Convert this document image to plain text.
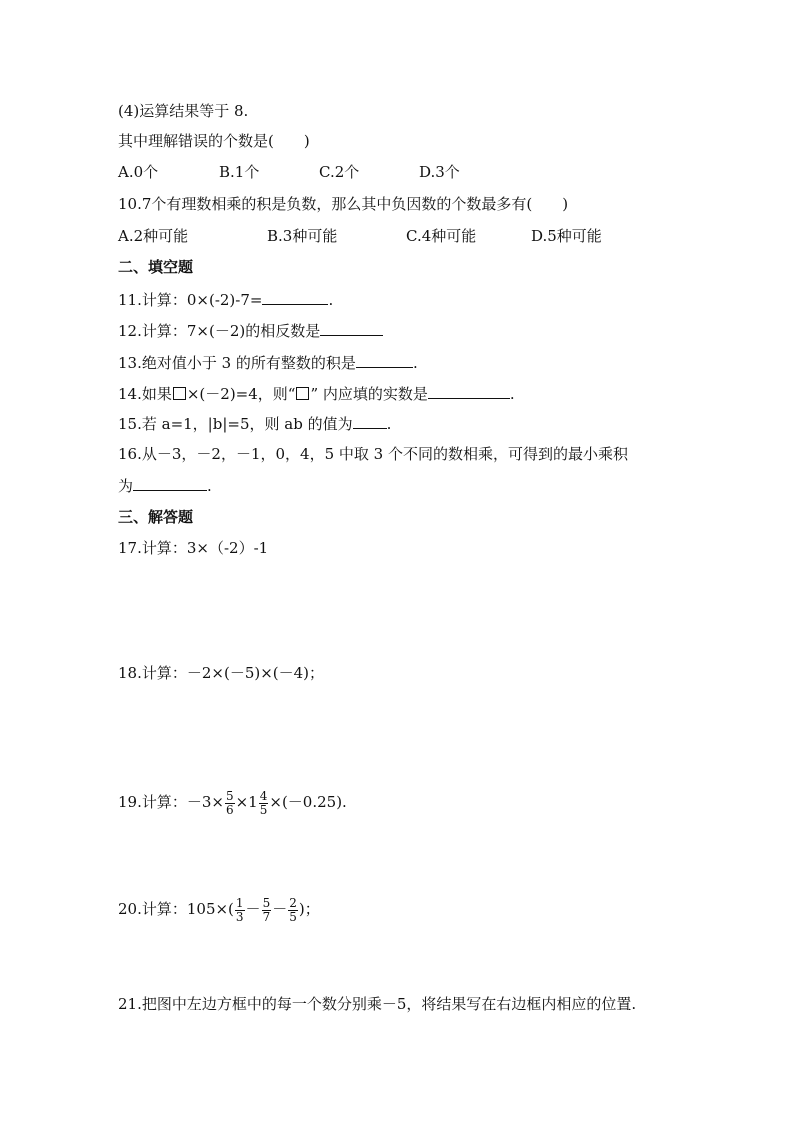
(4)运算结果等于 8.
其中理解错误的个数是(　　)
A.0个	B.1个	C.2个	D.3个
10.7个有理数相乘的积是负数，那么其中负因数的个数最多有(　　)
A.2种可能	B.3种可能	C.4种可能	D.5种可能
二、填空题
11.计算：0×(-2)-7=	.
12.计算：7×(－2)的相反数是
13.绝对值小于 3 的所有整数的积是	.
14.如果 ×(－2)=4，则“ ” 内应填的实数是	.
15.若 a=1，|b|=5，则 ab 的值为 .
16.从－3，－2，－1，0，4，5 中取 3 个不同的数相乘，可得到的最小乘积
为	.
三、解答题
17.计算：3×（-2）-1
18.计算：－2×(－5)×(－4)；
19.计算：$-3\times \frac{5}{6} \times 1 \frac{4}{5} \times(-0.25)$.
20.计算：$105\times( \frac{1}{3} - \frac{5}{7} - \frac{2}{5}$ )；
21.把图中左边方框中的每一个数分别乘－5，将结果写在右边框内相应的位置.
